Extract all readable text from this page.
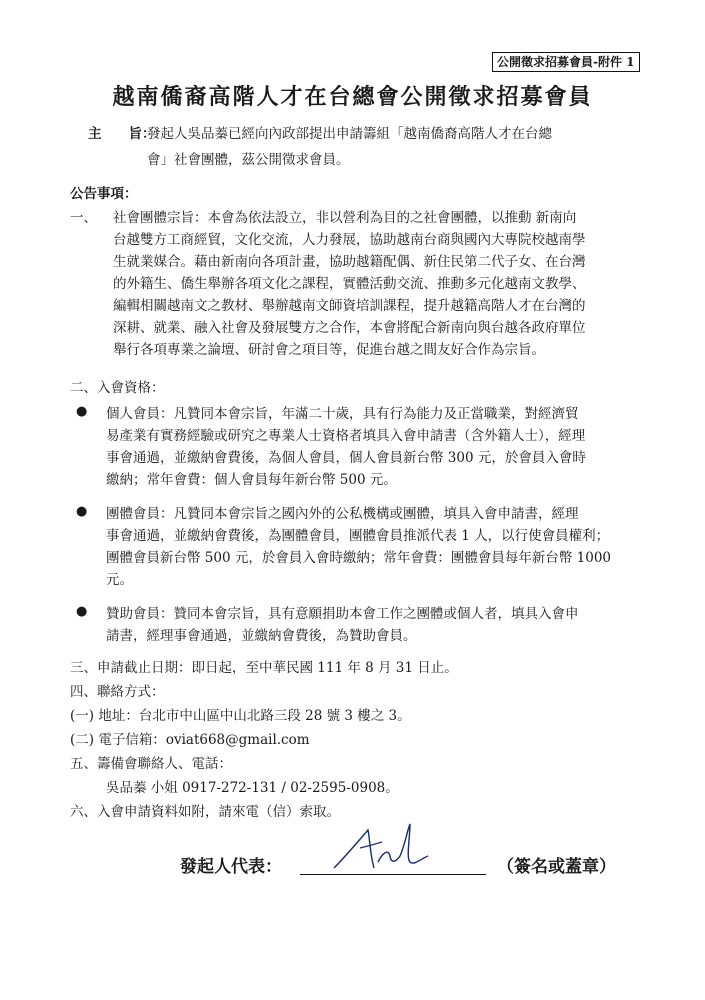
公開徵求招募會員-附件 1
越南僑裔高階人才在台總會公開徵求招募會員
主　　旨：
發起人吳品蓁已經向內政部提出申請籌組「越南僑裔高階人才在台總
會」社會團體，茲公開徵求會員。
公告事項：
一、 社會團體宗旨：本會為依法設立，非以營利為目的之社會團體，以推動 新南向
台越雙方工商經貿，文化交流，人力發展，協助越南台商與國內大專院校越南學
生就業媒合。藉由新南向各項計畫，協助越籍配偶、新住民第二代子女、在台灣
的外籍生、僑生舉辦各項文化之課程，實體活動交流、推動多元化越南文教學、
編輯相關越南文之教材、舉辦越南文師資培訓課程，提升越籍高階人才在台灣的
深耕、就業、融入社會及發展雙方之合作，本會將配合新南向與台越各政府單位
舉行各項專業之論壇、研討會之項目等，促進台越之間友好合作為宗旨。
二、入會資格：
● 個人會員：凡贊同本會宗旨，年滿二十歲，具有行為能力及正當職業，對經濟貿
易產業有實務經驗或研究之專業人士資格者填具入會申請書（含外籍人士），經理
事會通過，並繳納會費後，為個人會員，個人會員新台幣 300 元，於會員入會時
繳納；常年會費：個人會員每年新台幣 500 元。
● 團體會員：凡贊同本會宗旨之國內外的公私機構或團體，填具入會申請書，經理
事會通過，並繳納會費後，為團體會員，團體會員推派代表 1 人，以行使會員權利；
團體會員新台幣 500 元，於會員入會時繳納；常年會費：團體會員每年新台幣 1000
元。
● 贊助會員：贊同本會宗旨，具有意願捐助本會工作之團體或個人者，填具入會申
請書，經理事會通過，並繳納會費後，為贊助會員。
三、申請截止日期：即日起，至中華民國 111 年 8 月 31 日止。
四、聯絡方式：
(一) 地址：台北市中山區中山北路三段 28 號 3 樓之 3。
(二) 電子信箱：oviat668@gmail.com
五、籌備會聯絡人、電話：
吳品蓁 小姐 0917-272-131 / 02-2595-0908。
六、入會申請資料如附，請來電（信）索取。
發起人代表：	（簽名或蓋章）
